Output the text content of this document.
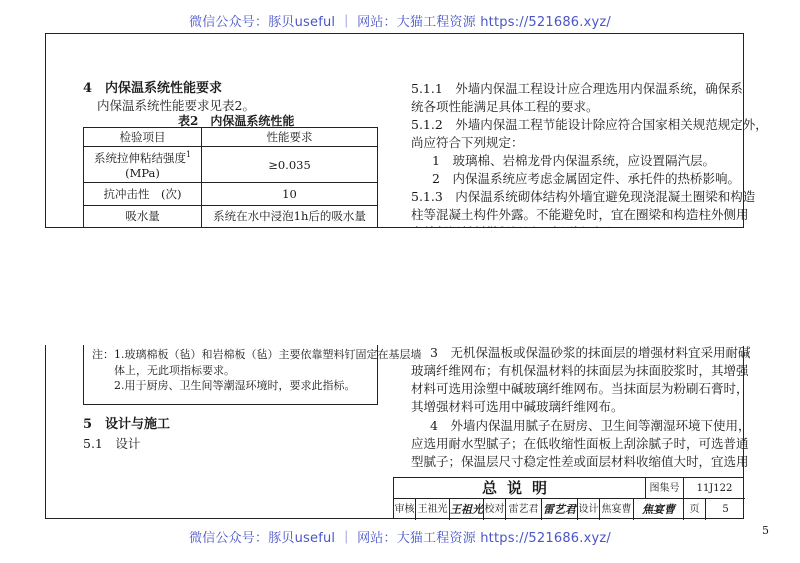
微信公众号：豚贝useful ｜ 网站：大猫工程资源 https://521686.xyz/
4　内保温系统性能要求
内保温系统性能要求见表2。
表2　内保温系统性能
检验项目	性能要求

系统拉伸粘结强度$^1$
(MPa)	≥0.035
抗冲击性　(次)	10
吸水量	系统在水中浸泡1h后的吸水量
5.1.1　外墙内保温工程设计应合理选用内保温系统，确保系
统各项性能满足具体工程的要求。
5.1.2　外墙内保温工程节能设计除应符合国家相关规范规定外，
尚应符合下列规定：
1　玻璃棉、岩棉龙骨内保温系统，应设置隔汽层。
2　内保温系统应考虑金属固定件、承托件的热桥影响。
5.1.3　内保温系统砌体结构外墙宜避免现浇混凝土圈梁和构造
柱等混凝土构件外露。不能避免时，宜在圈梁和构造柱外侧用
注：1.玻璃棉板（毡）和岩棉板（毡）主要依靠塑料钉固定在基层墙
　　体上，无此项指标要求。
　　2.用于厨房、卫生间等潮湿环境时，要求此指标。
5　设计与施工
5.1　设计
3　无机保温板或保温砂浆的抹面层的增强材料宜采用耐碱
玻璃纤维网布；有机保温材料的抹面层为抹面胶浆时，其增强
材料可选用涂塑中碱玻璃纤维网布。当抹面层为粉刷石膏时，
其增强材料可选用中碱玻璃纤维网布。
4　外墙内保温用腻子在厨房、卫生间等潮湿环境下使用，
应选用耐水型腻子；在低收缩性面板上刮涂腻子时，可选普通
型腻子；保温层尺寸稳定性差或面层材料收缩值大时，宜选用
总说明	图集号	11J122
审核 王祖光 王祖光 校对 雷艺君 雷艺君 设计 焦宴曹 焦宴曹	页	5
5
微信公众号：豚贝useful ｜ 网站：大猫工程资源 https://521686.xyz/
